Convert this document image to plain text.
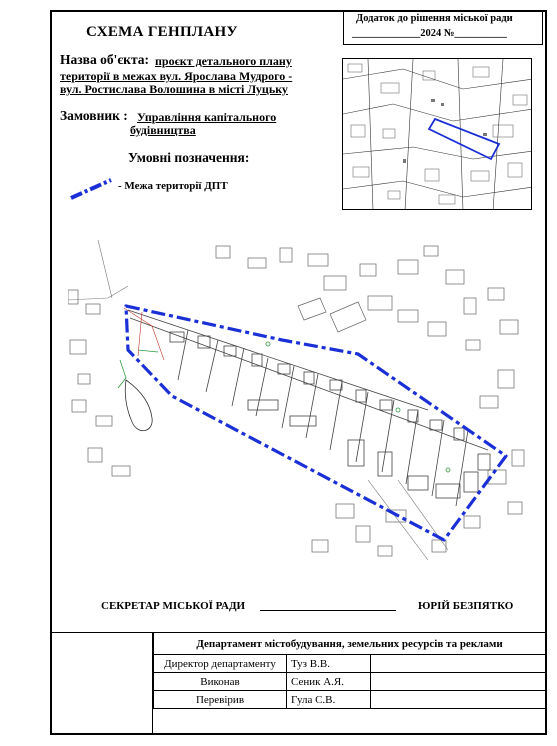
СХЕМА ГЕНПЛАНУ
Додаток до рішення міської ради
_____________2024 №__________
Назва об'єкта: проєкт детального плану
території в межах вул. Ярослава Мудрого -
вул. Ростислава Волошина в місті Луцьку
Замовник : Управління капітального
будівництва
Умовні позначення:
- Межа території ДПТ
СЕКРЕТАР МІСЬКОЇ РАДИ	ЮРІЙ БЕЗПЯТКО
Департамент містобудування, земельних ресурсів та реклами		
Директор департаменту	Туз В.В.	
Виконав	Сеник А.Я.	
Перевірив	Гула С.В.	
